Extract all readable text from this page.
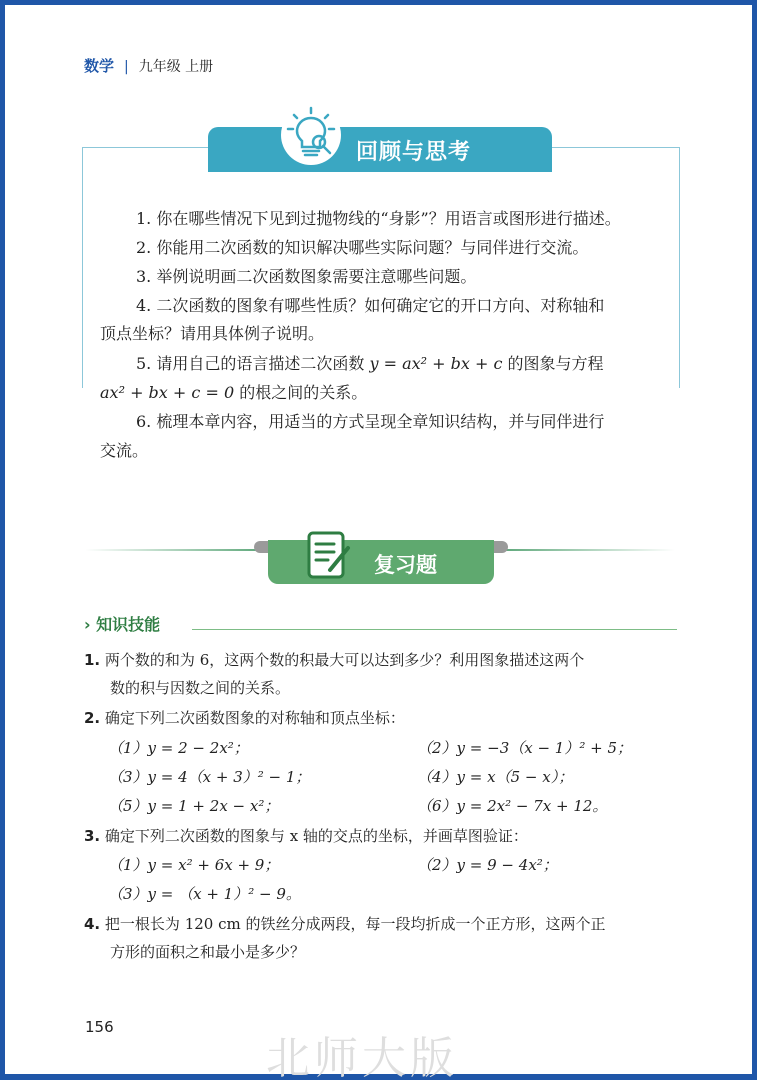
数学 | 九年级 上册
回顾与思考
1. 你在哪些情况下见到过抛物线的“身影”？用语言或图形进行描述。
2. 你能用二次函数的知识解决哪些实际问题？与同伴进行交流。
3. 举例说明画二次函数图象需要注意哪些问题。
4. 二次函数的图象有哪些性质？如何确定它的开口方向、对称轴和
顶点坐标？请用具体例子说明。
5. 请用自己的语言描述二次函数 y = ax² + bx + c 的图象与方程
ax² + bx + c = 0 的根之间的关系。
6. 梳理本章内容，用适当的方式呈现全章知识结构，并与同伴进行
交流。
复习题
› 知识技能
1. 两个数的和为 6，这两个数的积最大可以达到多少？利用图象描述这两个
数的积与因数之间的关系。
2. 确定下列二次函数图象的对称轴和顶点坐标：
（1）y = 2 − 2x²；	（2）y = −3（x − 1）² + 5；
（3）y = 4（x + 3）² − 1；	（4）y = x（5 − x）；
（5）y = 1 + 2x − x²；	（6）y = 2x² − 7x + 12。
3. 确定下列二次函数的图象与 x 轴的交点的坐标，并画草图验证：
（1）y = x² + 6x + 9；	（2）y = 9 − 4x²；
（3）y = （x + 1）² − 9。
4. 把一根长为 120 cm 的铁丝分成两段，每一段均折成一个正方形，这两个正
方形的面积之和最小是多少？
156
北师大版
